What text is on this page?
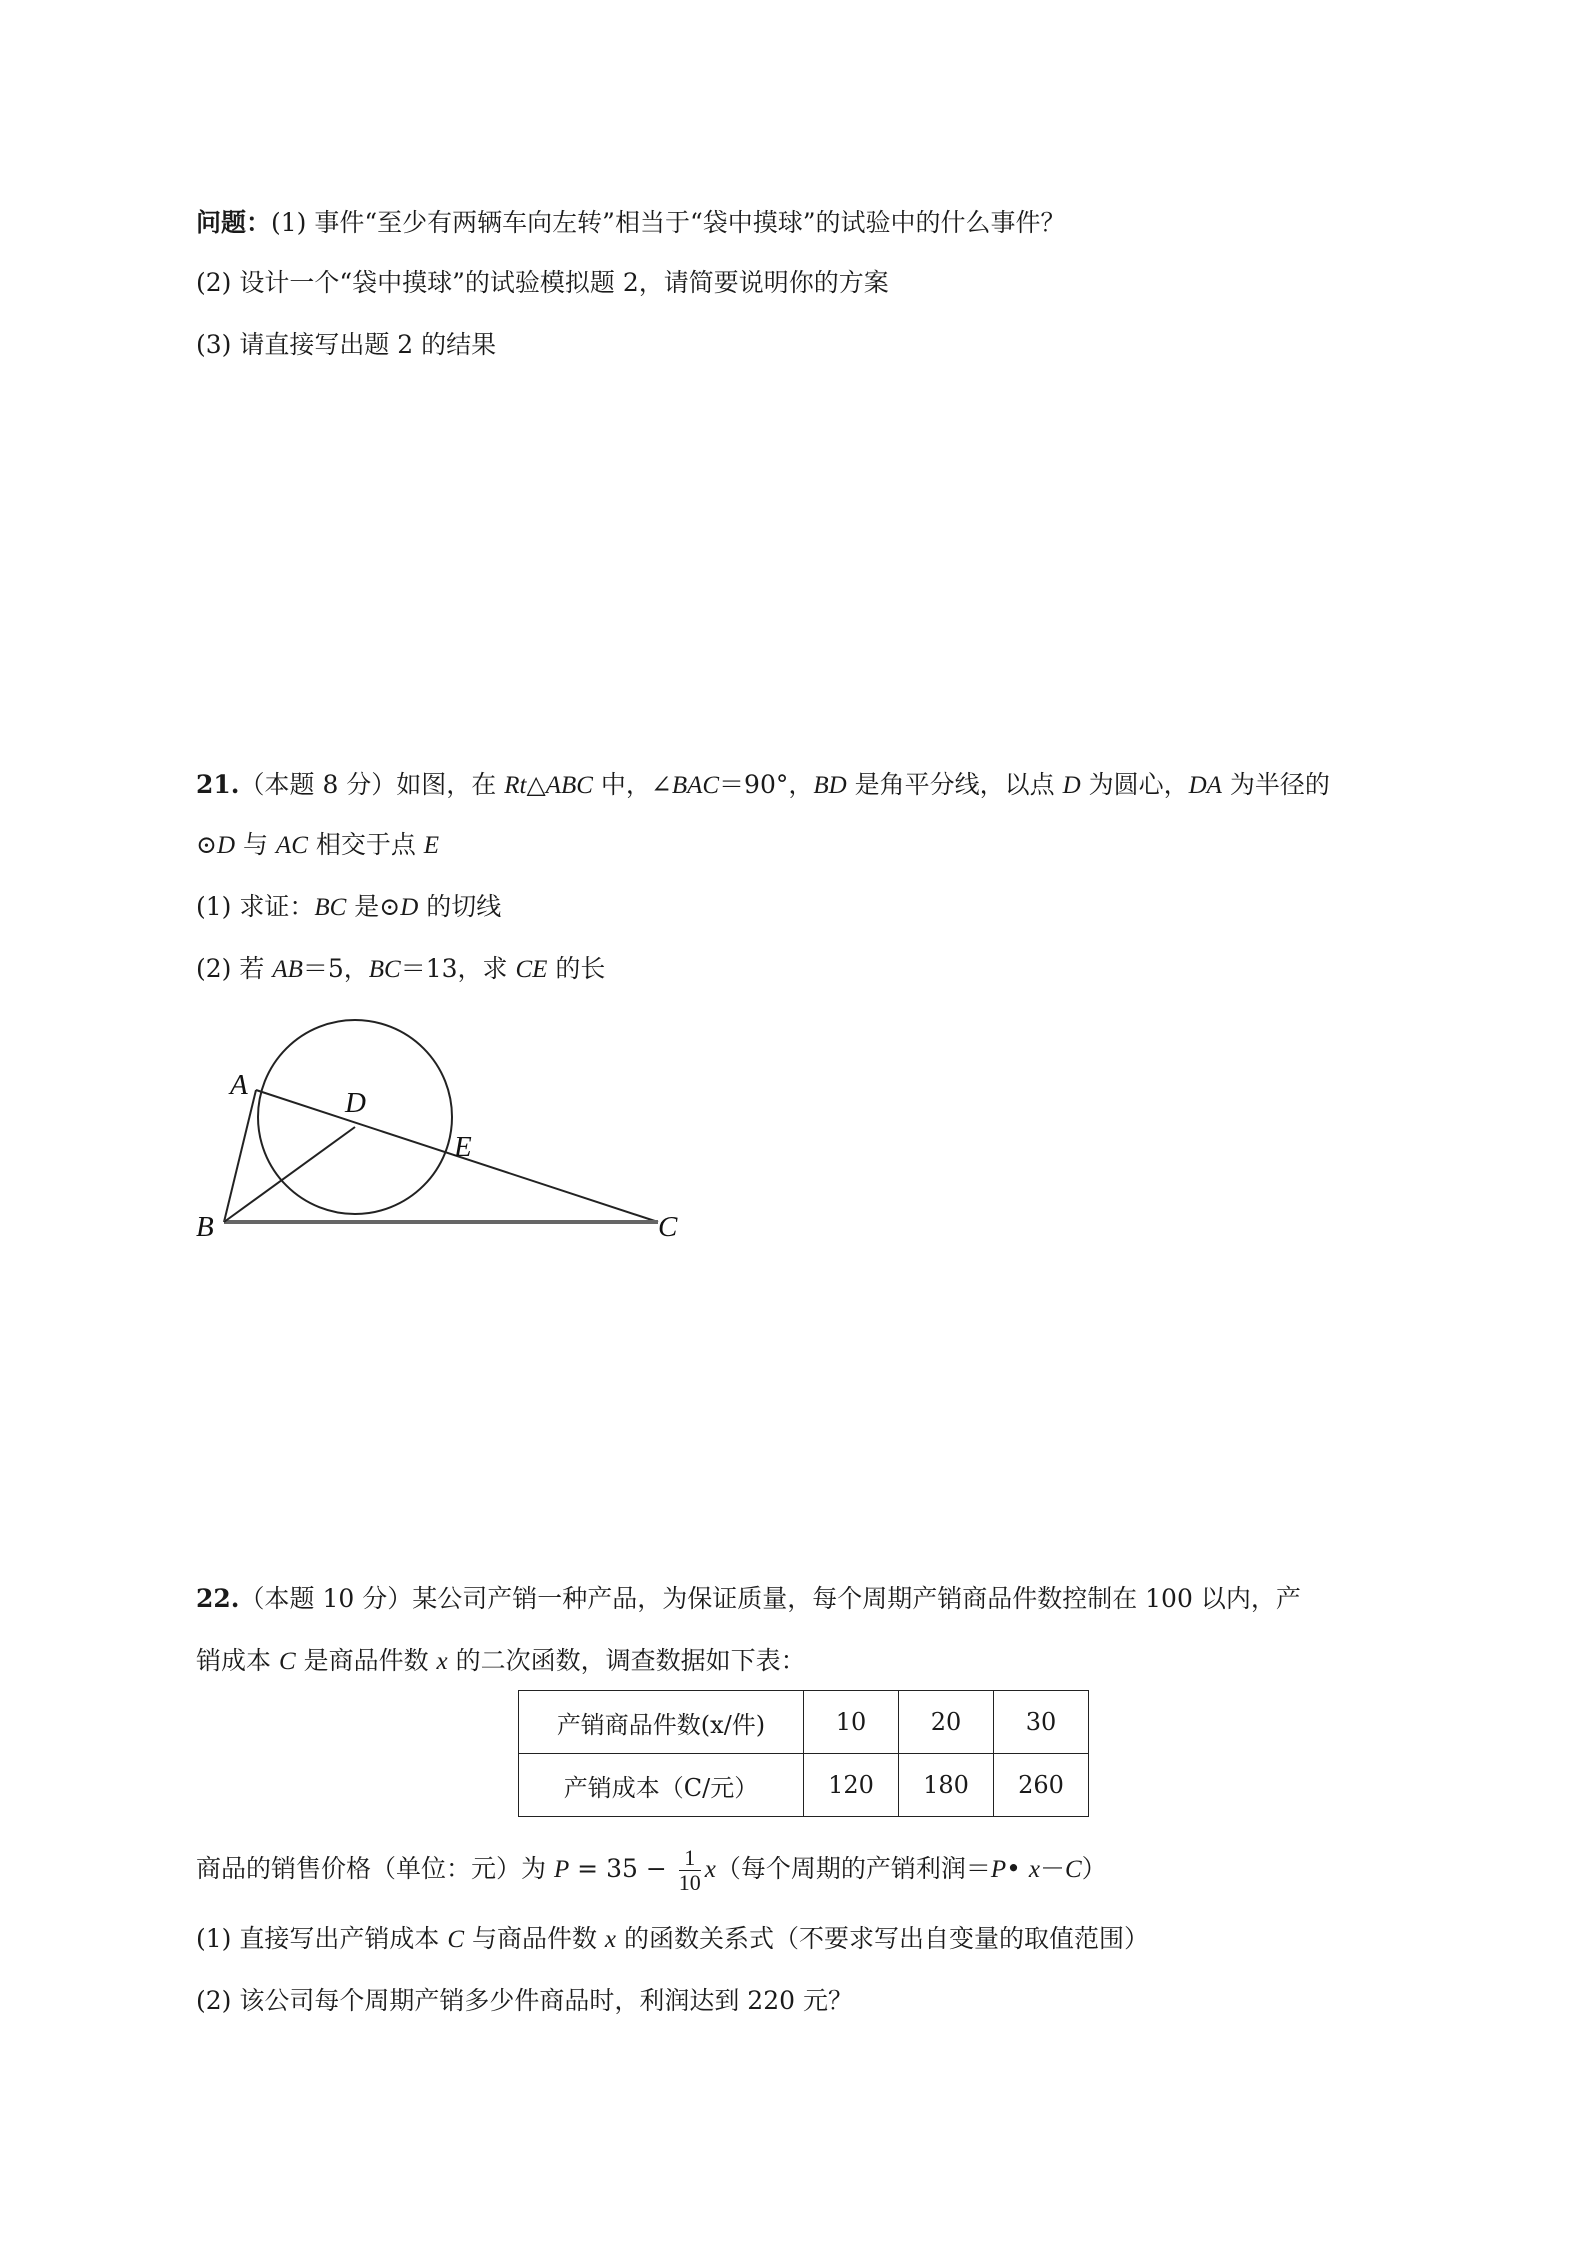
问题：(1) 事件“至少有两辆车向左转”相当于“袋中摸球”的试验中的什么事件？
(2) 设计一个“袋中摸球”的试验模拟题 2，请简要说明你的方案
(3) 请直接写出题 2 的结果
21.（本题 8 分）如图，在 Rt△ABC 中，∠BAC＝90°，BD 是角平分线，以点 D 为圆心，DA 为半径的
⊙D 与 AC 相交于点 E
(1) 求证：BC 是⊙D 的切线
(2) 若 AB＝5，BC＝13，求 CE 的长
A
D
E
B	C
22.（本题 10 分）某公司产销一种产品，为保证质量，每个周期产销商品件数控制在 100 以内，产
销成本 C 是商品件数 x 的二次函数，调查数据如下表：
产销商品件数(x/件)	10	20	30
产销成本（C/元）	120	180	260
商品的销售价格（单位：元）为 $P = 35 - \frac{1}{10} x$（每个周期的产销利润＝P• x－C）
(1) 直接写出产销成本 C 与商品件数 x 的函数关系式（不要求写出自变量的取值范围）
(2) 该公司每个周期产销多少件商品时，利润达到 220 元？
